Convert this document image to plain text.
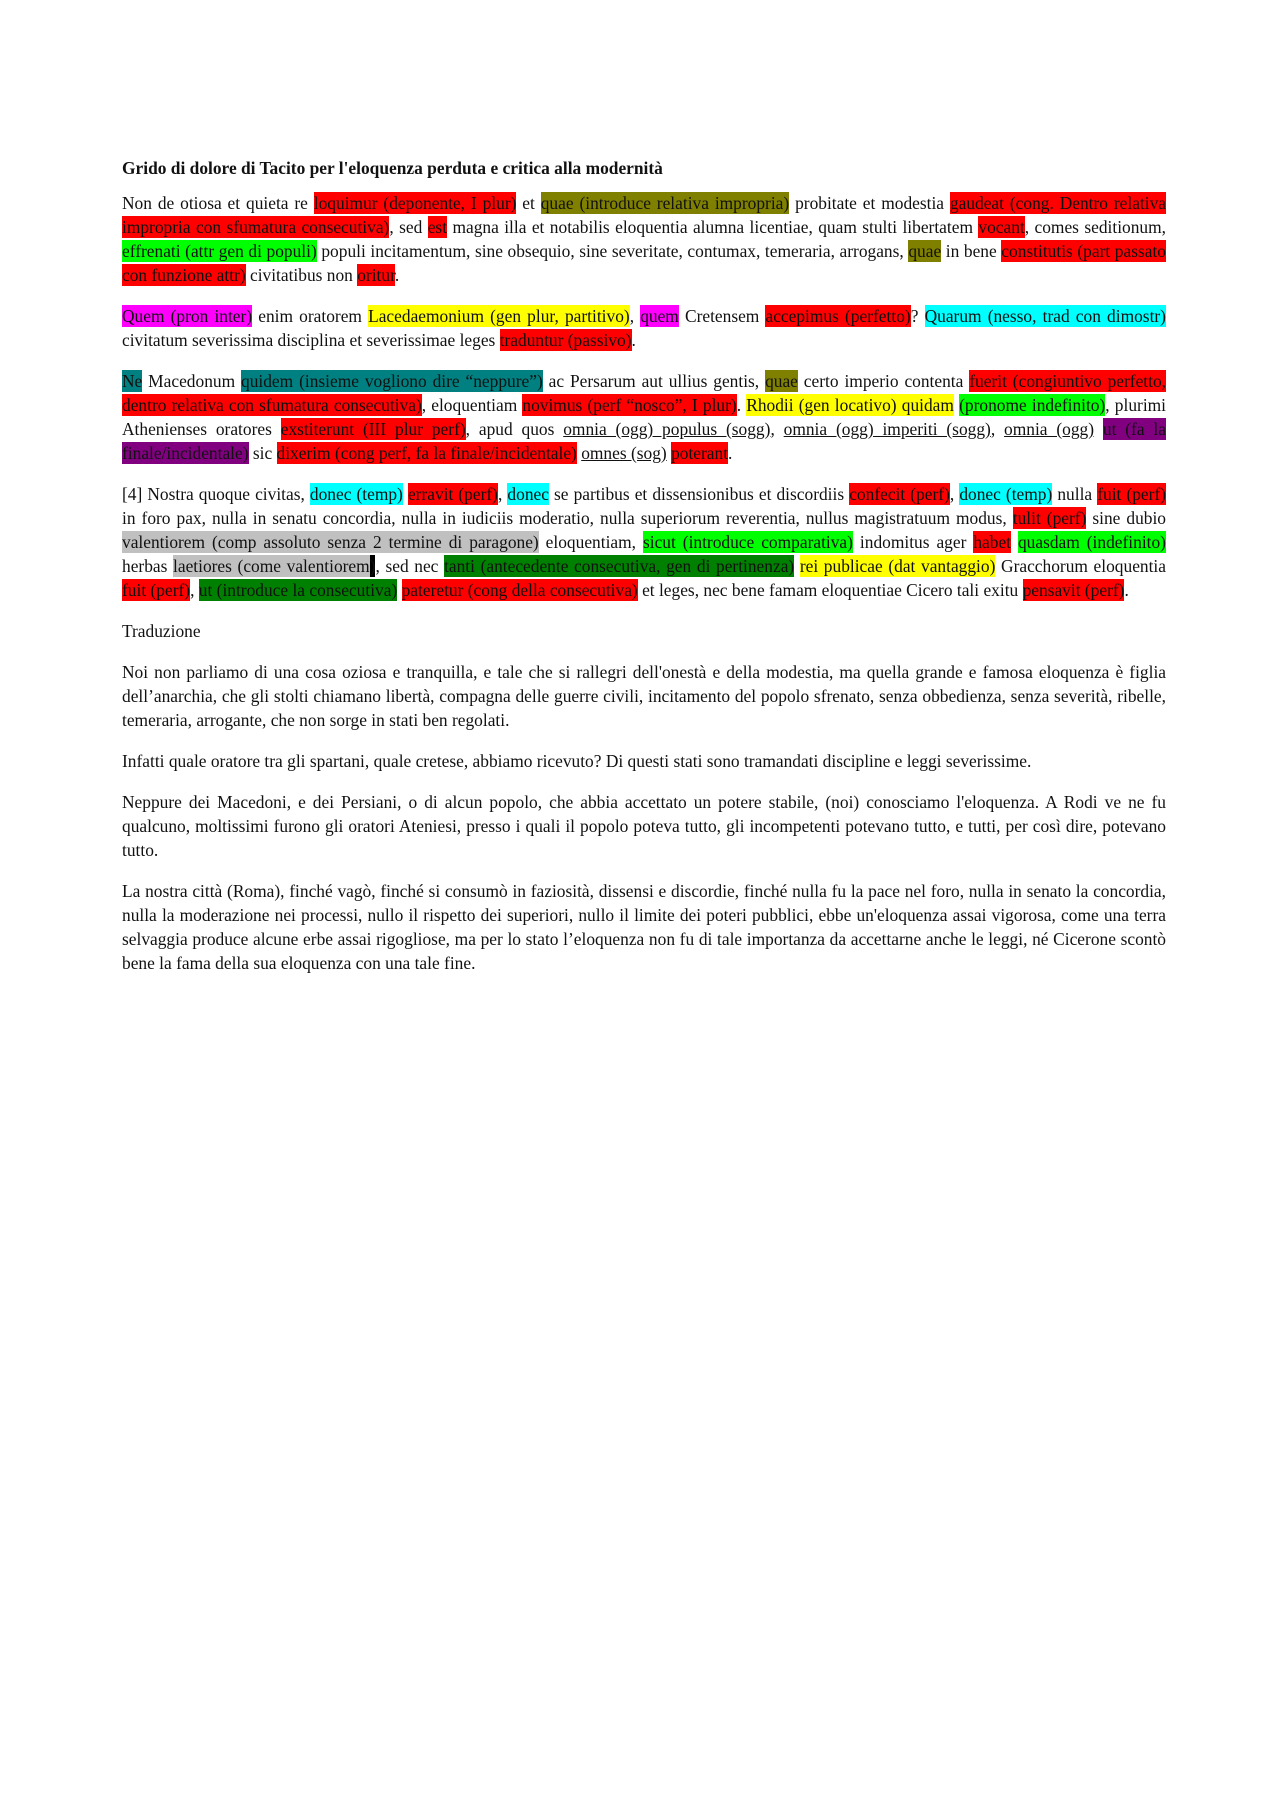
Grido di dolore di Tacito per l'eloquenza perduta e critica alla modernità

Non de otiosa et quieta re loquimur (deponente, I plur) et quae (introduce relativa impropria) probitate et modestia gaudeat (cong. Dentro relativa impropria con sfumatura consecutiva), sed est magna illa et notabilis eloquentia alumna licentiae, quam stulti libertatem vocant, comes seditionum, effrenati (attr gen di populi) populi incitamentum, sine obsequio, sine severitate, contumax, temeraria, arrogans, quae in bene constitutis (part passato con funzione attr) civitatibus non oritur.

Quem (pron inter) enim oratorem Lacedaemonium (gen plur, partitivo), quem Cretensem accepimus (perfetto)? Quarum (nesso, trad con dimostr) civitatum severissima disciplina et severissimae leges traduntur (passivo).

Ne Macedonum quidem (insieme vogliono dire “neppure”) ac Persarum aut ullius gentis, quae certo imperio contenta fuerit (congiuntivo perfetto, dentro relativa con sfumatura consecutiva), eloquentiam novimus (perf “nosco”, I plur). Rhodii (gen locativo) quidam (pronome indefinito), plurimi Athenienses oratores exstiterunt (III plur perf), apud quos omnia (ogg) populus (sogg), omnia (ogg) imperiti (sogg), omnia (ogg) ut (fa la finale/incidentale) sic dixerim (cong perf, fa la finale/incidentale) omnes (sog) poterant.

[4] Nostra quoque civitas, donec (temp) erravit (perf), donec se partibus et dissensionibus et discordiis confecit (perf), donec (temp) nulla fuit (perf) in foro pax, nulla in senatu concordia, nulla in iudiciis moderatio, nulla superiorum reverentia, nullus magistratuum modus, tulit (perf) sine dubio valentiorem (comp assoluto senza 2 termine di paragone) eloquentiam, sicut (introduce comparativa) indomitus ager habet quasdam (indefinito) herbas laetiores (come valentiorem), sed nec tanti (antecedente consecutiva, gen di pertinenza) rei publicae (dat vantaggio) Gracchorum eloquentia fuit (perf), ut (introduce la consecutiva) pateretur (cong della consecutiva) et leges, nec bene famam eloquentiae Cicero tali exitu pensavit (perf).

Traduzione

Noi non parliamo di una cosa oziosa e tranquilla, e tale che si rallegri dell'onestà e della modestia, ma quella grande e famosa eloquenza è figlia dell’anarchia, che gli stolti chiamano libertà, compagna delle guerre civili, incitamento del popolo sfrenato, senza obbedienza, senza severità, ribelle, temeraria, arrogante, che non sorge in stati ben regolati.

Infatti quale oratore tra gli spartani, quale cretese, abbiamo ricevuto? Di questi stati sono tramandati discipline e leggi severissime.

Neppure dei Macedoni, e dei Persiani, o di alcun popolo, che abbia accettato un potere stabile, (noi) conosciamo l'eloquenza. A Rodi ve ne fu qualcuno, moltissimi furono gli oratori Ateniesi, presso i quali il popolo poteva tutto, gli incompetenti potevano tutto, e tutti, per così dire, potevano tutto.

La nostra città (Roma), finché vagò, finché si consumò in faziosità, dissensi e discordie, finché nulla fu la pace nel foro, nulla in senato la concordia, nulla la moderazione nei processi, nullo il rispetto dei superiori, nullo il limite dei poteri pubblici, ebbe un'eloquenza assai vigorosa, come una terra selvaggia produce alcune erbe assai rigogliose, ma per lo stato l’eloquenza non fu di tale importanza da accettarne anche le leggi, né Cicerone scontò bene la fama della sua eloquenza con una tale fine.
